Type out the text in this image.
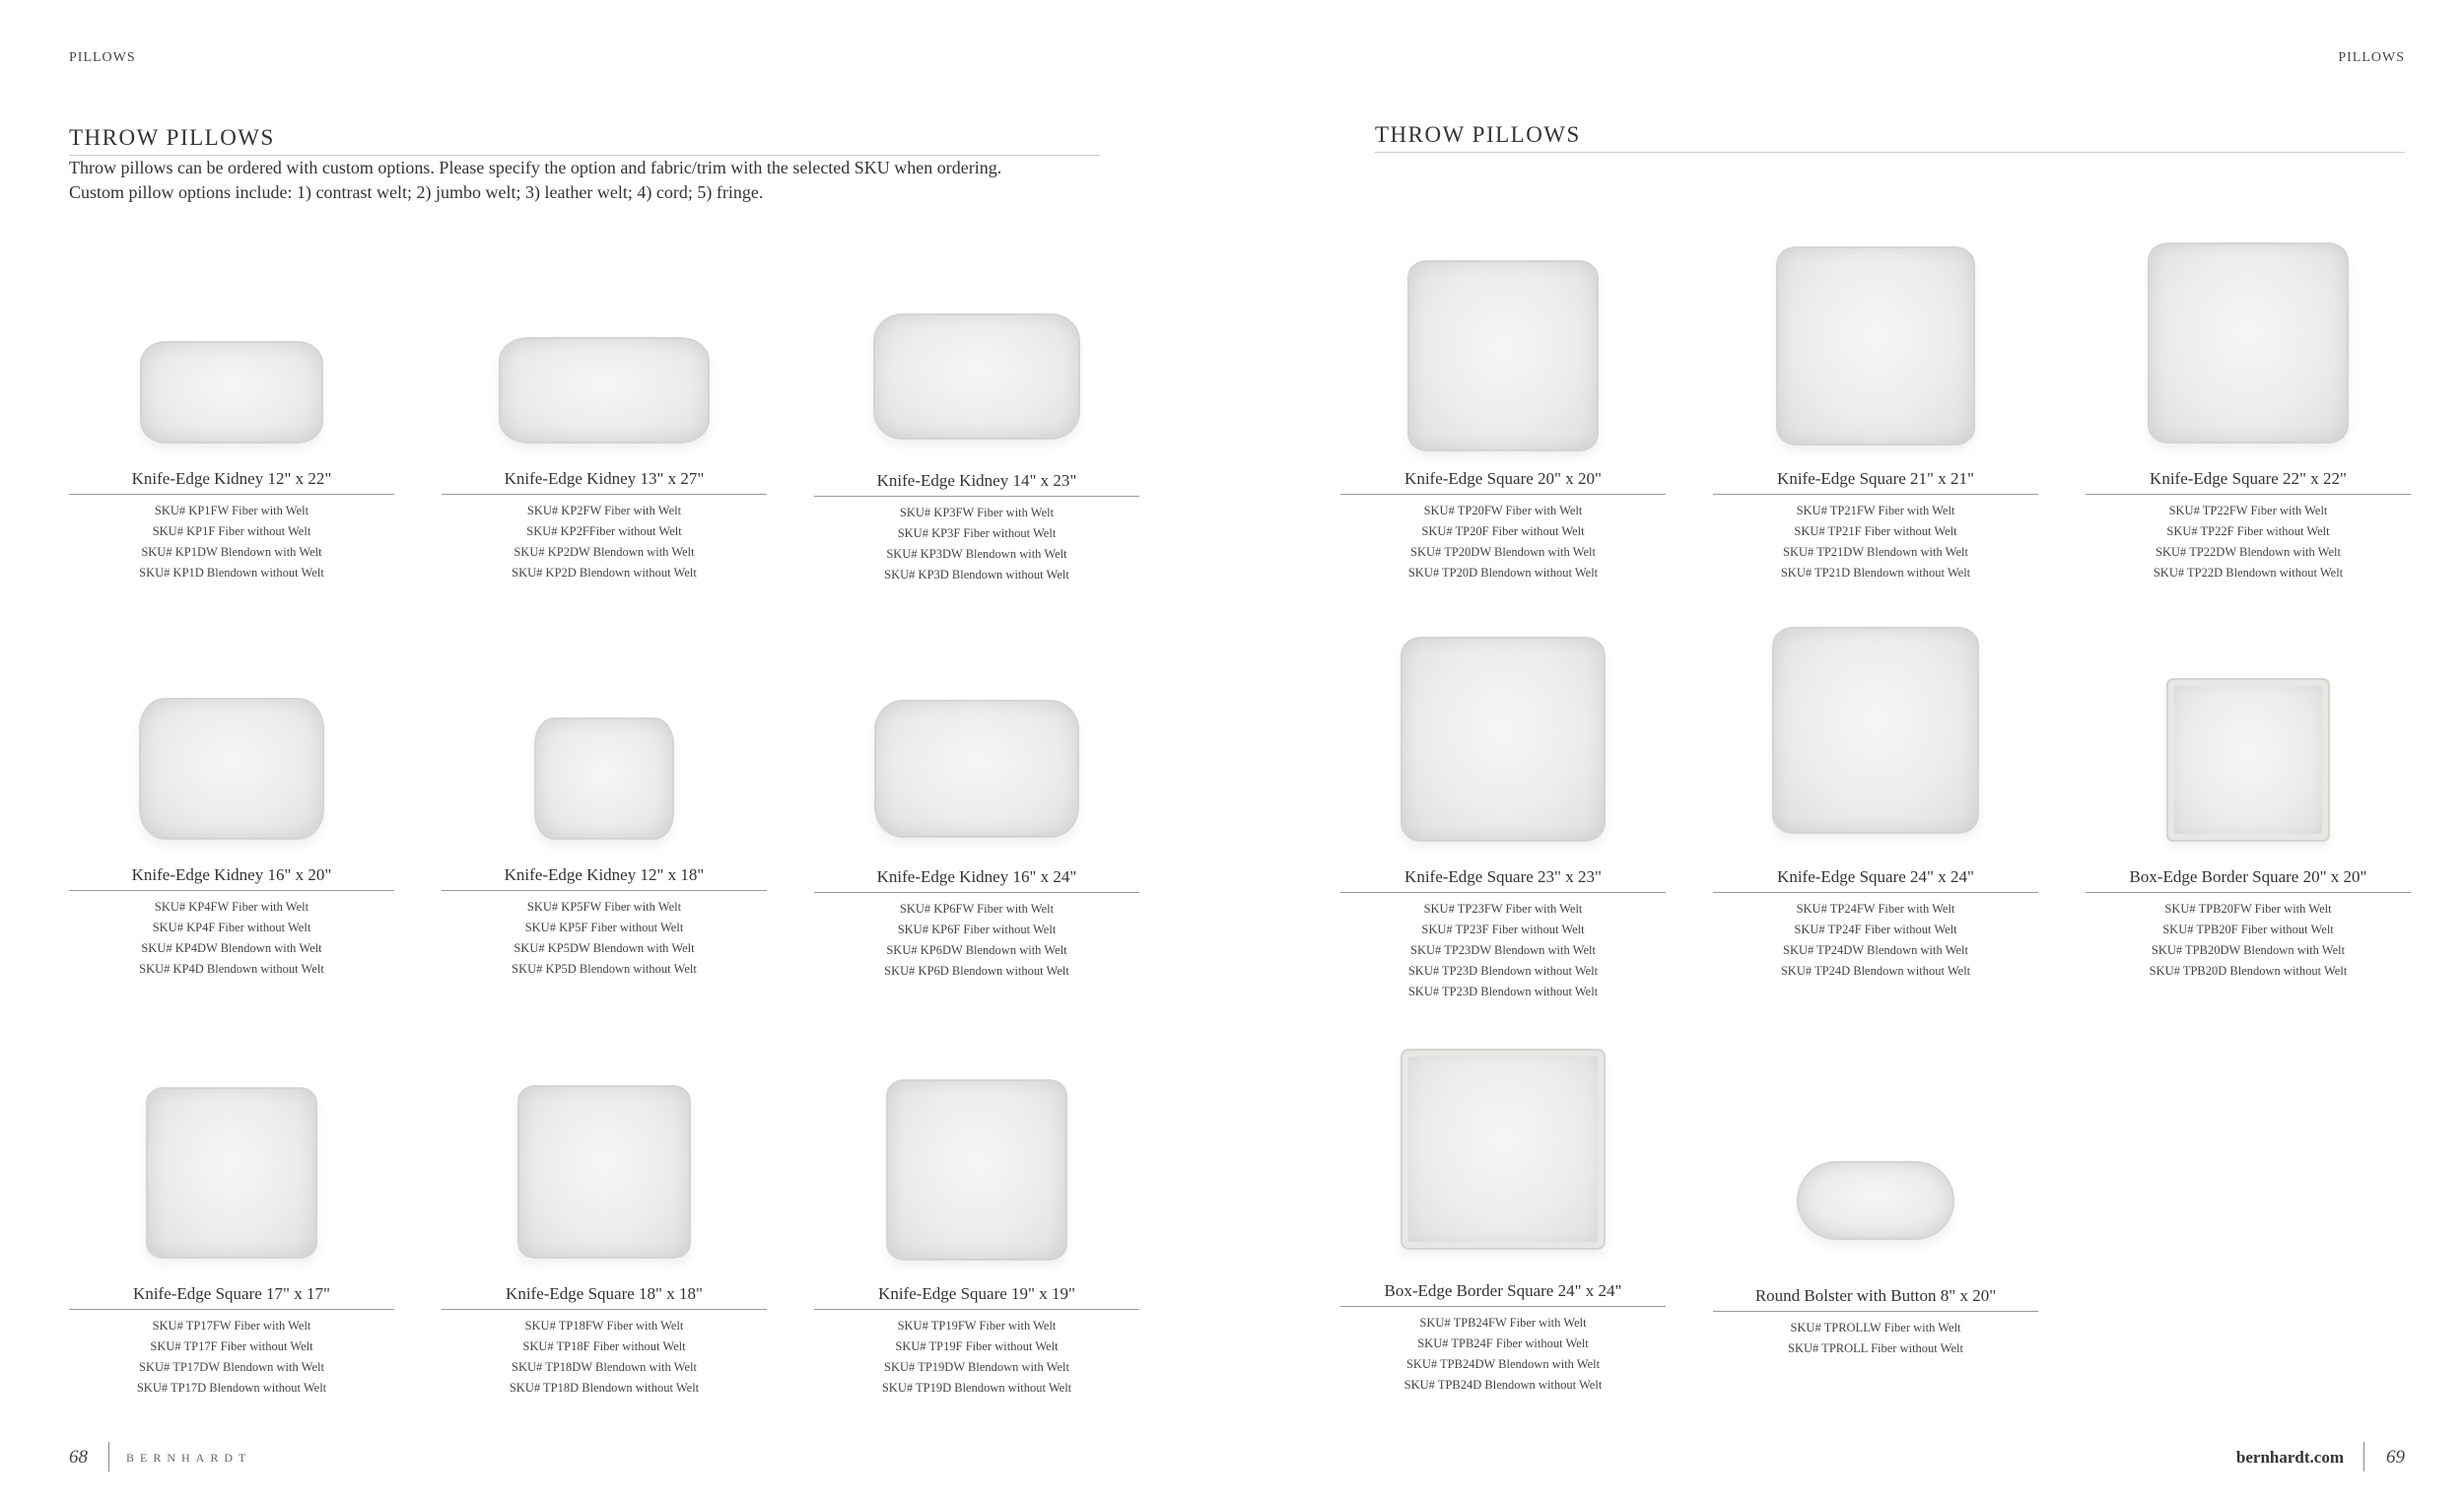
PILLOWS	PILLOWS
THROW PILLOWS	THROW PILLOWS
Throw pillows can be ordered with custom options. Please specify the option and fabric/trim with the selected SKU when ordering.
Custom pillow options include: 1) contrast welt; 2) jumbo welt; 3) leather welt; 4) cord; 5) fringe.
Knife-Edge Kidney 12" x 22"
SKU# KP1FW Fiber with Welt
SKU# KP1F Fiber without Welt
SKU# KP1DW Blendown with Welt
SKU# KP1D Blendown without Welt
Knife-Edge Kidney 13" x 27"
SKU# KP2FW Fiber with Welt
SKU# KP2FFiber without Welt
SKU# KP2DW Blendown with Welt
SKU# KP2D Blendown without Welt
Knife-Edge Kidney 14" x 23"
SKU# KP3FW Fiber with Welt
SKU# KP3F Fiber without Welt
SKU# KP3DW Blendown with Welt
SKU# KP3D Blendown without Welt
Knife-Edge Kidney 16" x 20"
SKU# KP4FW Fiber with Welt
SKU# KP4F Fiber without Welt
SKU# KP4DW Blendown with Welt
SKU# KP4D Blendown without Welt
Knife-Edge Kidney 12" x 18"
SKU# KP5FW Fiber with Welt
SKU# KP5F Fiber without Welt
SKU# KP5DW Blendown with Welt
SKU# KP5D Blendown without Welt
Knife-Edge Kidney 16" x 24"
SKU# KP6FW Fiber with Welt
SKU# KP6F Fiber without Welt
SKU# KP6DW Blendown with Welt
SKU# KP6D Blendown without Welt
Knife-Edge Square 17" x 17"
SKU# TP17FW Fiber with Welt
SKU# TP17F Fiber without Welt
SKU# TP17DW Blendown with Welt
SKU# TP17D Blendown without Welt
Knife-Edge Square 18" x 18"
SKU# TP18FW Fiber with Welt
SKU# TP18F Fiber without Welt
SKU# TP18DW Blendown with Welt
SKU# TP18D Blendown without Welt
Knife-Edge Square 19" x 19"
SKU# TP19FW Fiber with Welt
SKU# TP19F Fiber without Welt
SKU# TP19DW Blendown with Welt
SKU# TP19D Blendown without Welt
Knife-Edge Square 20" x 20"
SKU# TP20FW Fiber with Welt
SKU# TP20F Fiber without Welt
SKU# TP20DW Blendown with Welt
SKU# TP20D Blendown without Welt
Knife-Edge Square 21" x 21"
SKU# TP21FW Fiber with Welt
SKU# TP21F Fiber without Welt
SKU# TP21DW Blendown with Welt
SKU# TP21D Blendown without Welt
Knife-Edge Square 22" x 22"
SKU# TP22FW Fiber with Welt
SKU# TP22F Fiber without Welt
SKU# TP22DW Blendown with Welt
SKU# TP22D Blendown without Welt
Knife-Edge Square 23" x 23"
SKU# TP23FW Fiber with Welt
SKU# TP23F Fiber without Welt
SKU# TP23DW Blendown with Welt
SKU# TP23D Blendown without Welt
SKU# TP23D Blendown without Welt
Knife-Edge Square 24" x 24"
SKU# TP24FW Fiber with Welt
SKU# TP24F Fiber without Welt
SKU# TP24DW Blendown with Welt
SKU# TP24D Blendown without Welt
Box-Edge Border Square 20" x 20"
SKU# TPB20FW Fiber with Welt
SKU# TPB20F Fiber without Welt
SKU# TPB20DW Blendown with Welt
SKU# TPB20D Blendown without Welt
Box-Edge Border Square 24" x 24"
SKU# TPB24FW Fiber with Welt
SKU# TPB24F Fiber without Welt
SKU# TPB24DW Blendown with Welt
SKU# TPB24D Blendown without Welt
Round Bolster with Button 8" x 20"
SKU# TPROLLW Fiber with Welt
SKU# TPROLL Fiber without Welt
68	BERNHARDT	bernhardt.com 69
